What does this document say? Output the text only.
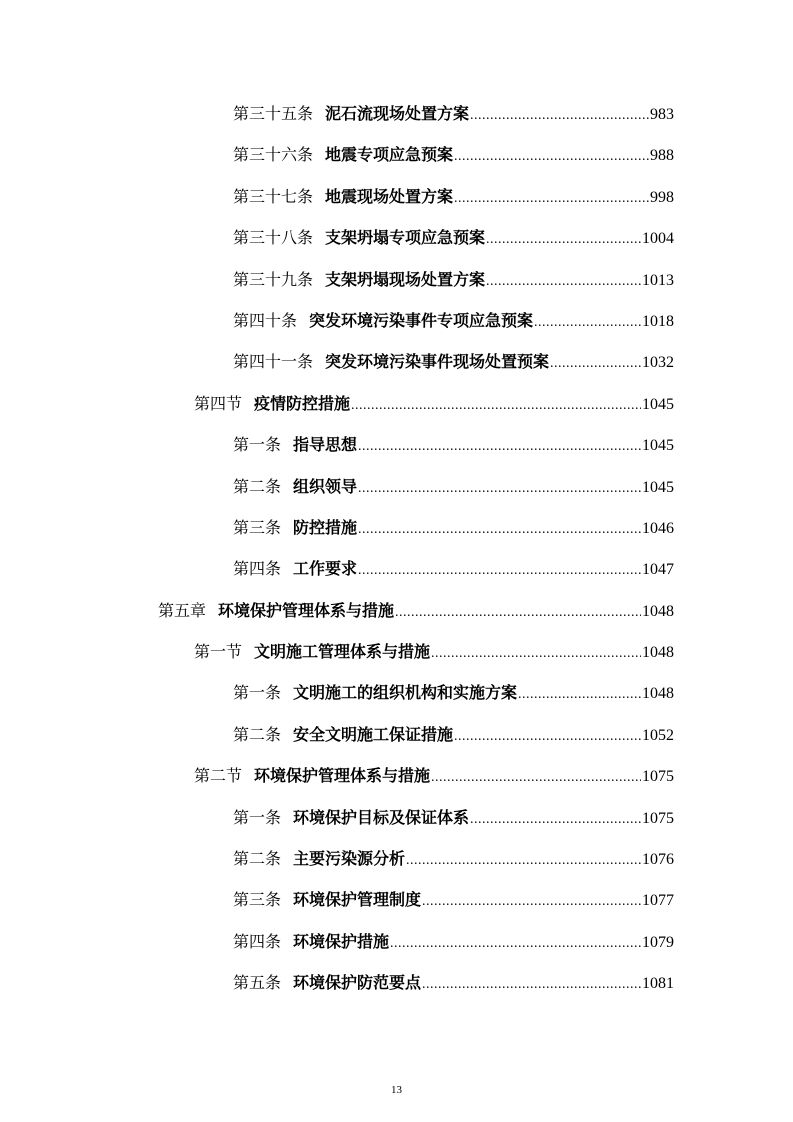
第三十五条 泥石流现场处置方案 .....	983
第三十六条 地震专项应急预案 .....	988
第三十七条 地震现场处置方案 .....	998
第三十八条 支架坍塌专项应急预案 .....	1004
第三十九条 支架坍塌现场处置方案 .....	1013
第四十条 突发环境污染事件专项应急预案 .....	1018
第四十一条 突发环境污染事件现场处置预案 .....	1032
第四节 疫情防控措施 .....	1045
第一条 指导思想 .....	1045
第二条 组织领导 .....	1045
第三条 防控措施 .....	1046
第四条 工作要求 .....	1047
第五章 环境保护管理体系与措施 .....	1048
第一节 文明施工管理体系与措施 .....	1048
第一条 文明施工的组织机构和实施方案 .....	1048
第二条 安全文明施工保证措施 .....	1052
第二节 环境保护管理体系与措施 .....	1075
第一条 环境保护目标及保证体系 .....	1075
第二条 主要污染源分析 .....	1076
第三条 环境保护管理制度 .....	1077
第四条 环境保护措施 .....	1079
第五条 环境保护防范要点 .....	1081
13
